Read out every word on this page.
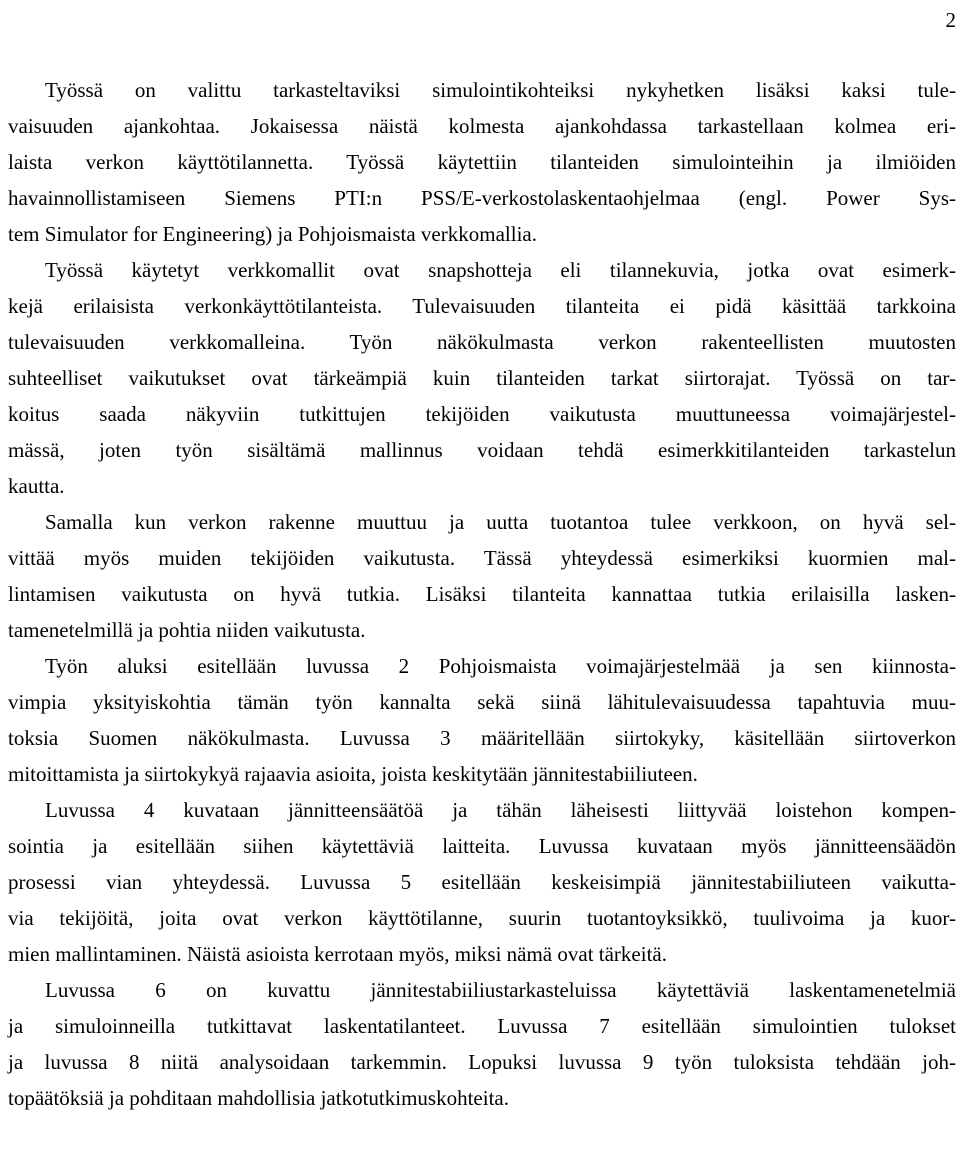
2

Työssä on valittu tarkasteltaviksi simulointikohteiksi nykyhetken lisäksi kaksi tule-
vaisuuden ajankohtaa. Jokaisessa näistä kolmesta ajankohdassa tarkastellaan kolmea eri-
laista verkon käyttötilannetta. Työssä käytettiin tilanteiden simulointeihin ja ilmiöiden
havainnollistamiseen Siemens PTI:n PSS/E-verkostolaskentaohjelmaa (engl. Power Sys-
tem Simulator for Engineering) ja Pohjoismaista verkkomallia.
Työssä käytetyt verkkomallit ovat snapshotteja eli tilannekuvia, jotka ovat esimerk-
kejä erilaisista verkonkäyttötilanteista. Tulevaisuuden tilanteita ei pidä käsittää tarkkoina
tulevaisuuden verkkomalleina. Työn näkökulmasta verkon rakenteellisten muutosten
suhteelliset vaikutukset ovat tärkeämpiä kuin tilanteiden tarkat siirtorajat. Työssä on tar-
koitus saada näkyviin tutkittujen tekijöiden vaikutusta muuttuneessa voimajärjestel-
mässä, joten työn sisältämä mallinnus voidaan tehdä esimerkkitilanteiden tarkastelun
kautta.

Samalla kun verkon rakenne muuttuu ja uutta tuotantoa tulee verkkoon, on hyvä sel-
vittää myös muiden tekijöiden vaikutusta. Tässä yhteydessä esimerkiksi kuormien mal-
lintamisen vaikutusta on hyvä tutkia. Lisäksi tilanteita kannattaa tutkia erilaisilla lasken-
tamenetelmillä ja pohtia niiden vaikutusta.

Työn aluksi esitellään luvussa 2 Pohjoismaista voimajärjestelmää ja sen kiinnosta-
vimpia yksityiskohtia tämän työn kannalta sekä siinä lähitulevaisuudessa tapahtuvia muu-
toksia Suomen näkökulmasta. Luvussa 3 määritellään siirtokyky, käsitellään siirtoverkon
mitoittamista ja siirtokykyä rajaavia asioita, joista keskitytään jännitestabiiliuteen.

Luvussa 4 kuvataan jännitteensäätöä ja tähän läheisesti liittyvää loistehon kompen-
sointia ja esitellään siihen käytettäviä laitteita. Luvussa kuvataan myös jännitteensäädön
prosessi vian yhteydessä. Luvussa 5 esitellään keskeisimpiä jännitestabiiliuteen vaikutta-
via tekijöitä, joita ovat verkon käyttötilanne, suurin tuotantoyksikkö, tuulivoima ja kuor-
mien mallintaminen. Näistä asioista kerrotaan myös, miksi nämä ovat tärkeitä.

Luvussa 6 on kuvattu jännitestabiiliustarkasteluissa käytettäviä laskentamenetelmiä
ja simuloinneilla tutkittavat laskentatilanteet. Luvussa 7 esitellään simulointien tulokset
ja luvussa 8 niitä analysoidaan tarkemmin. Lopuksi luvussa 9 työn tuloksista tehdään joh-
topäätöksiä ja pohditaan mahdollisia jatkotutkimuskohteita.
